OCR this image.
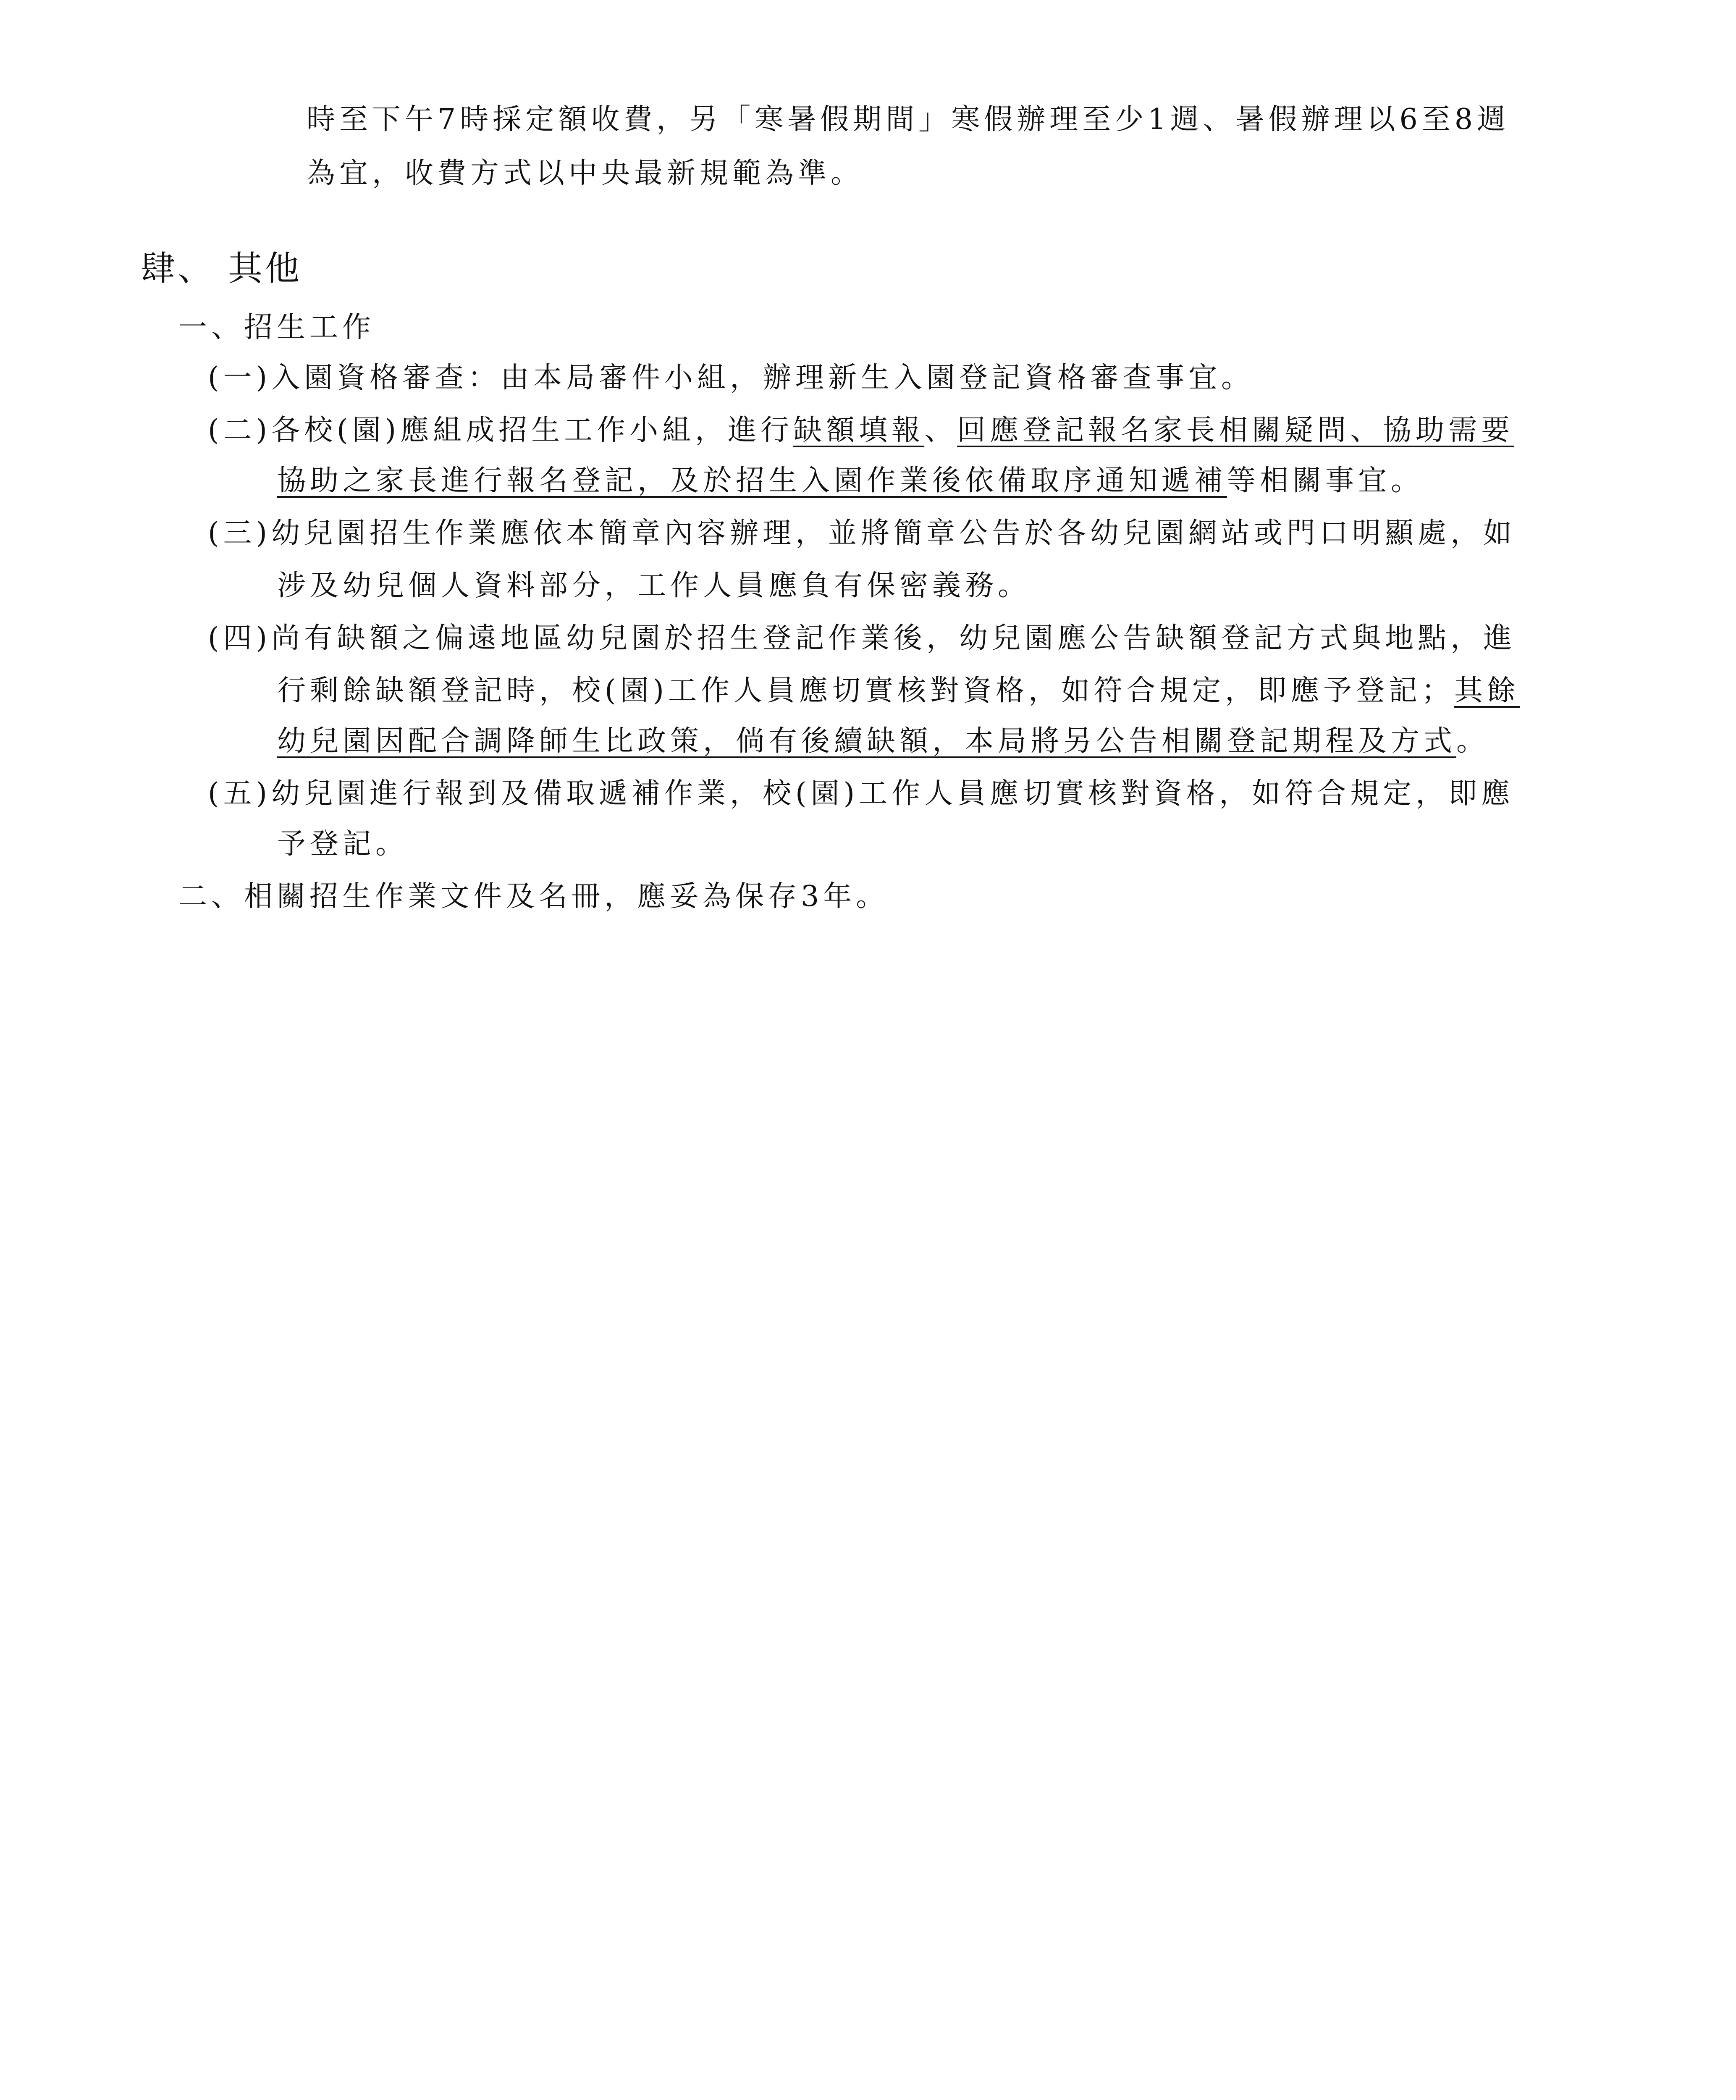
時至下午7時採定額收費，另「寒暑假期間」寒假辦理至少1週、暑假辦理以6至8週
為宜，收費方式以中央最新規範為準。
肆、 其他
一、招生工作
(一)入園資格審查：由本局審件小組，辦理新生入園登記資格審查事宜。
(二)各校(園)應組成招生工作小組，進行缺額填報、回應登記報名家長相關疑問、協助需要
協助之家長進行報名登記，及於招生入園作業後依備取序通知遞補等相關事宜。
(三)幼兒園招生作業應依本簡章內容辦理，並將簡章公告於各幼兒園網站或門口明顯處，如
涉及幼兒個人資料部分，工作人員應負有保密義務。
(四)尚有缺額之偏遠地區幼兒園於招生登記作業後，幼兒園應公告缺額登記方式與地點，進
行剩餘缺額登記時，校(園)工作人員應切實核對資格，如符合規定，即應予登記；其餘
幼兒園因配合調降師生比政策，倘有後續缺額，本局將另公告相關登記期程及方式。
(五)幼兒園進行報到及備取遞補作業，校(園)工作人員應切實核對資格，如符合規定，即應
予登記。
二、相關招生作業文件及名冊，應妥為保存3年。
